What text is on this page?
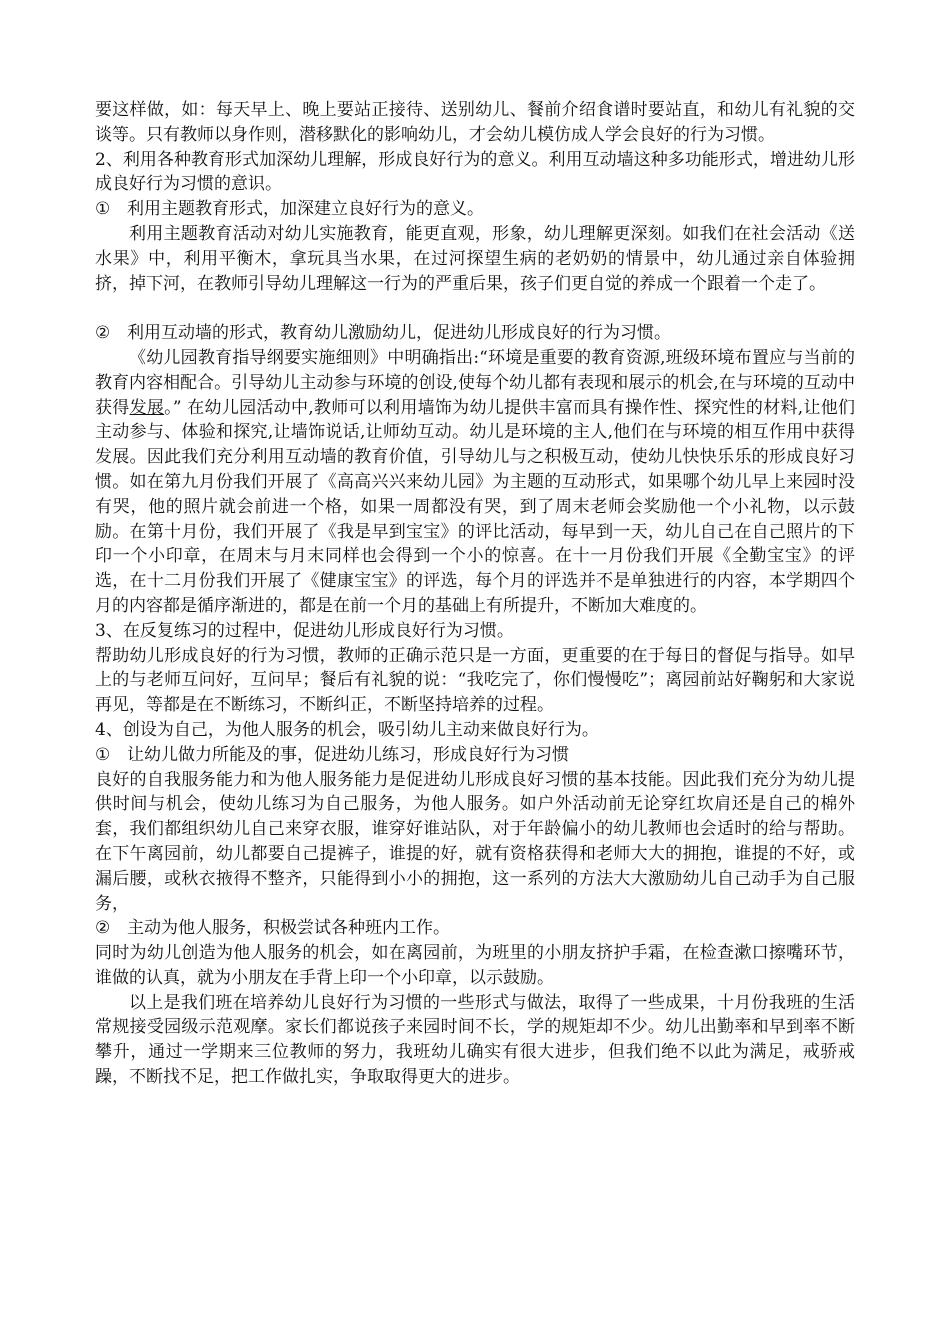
要这样做，如：每天早上、晚上要站正接待、送别幼儿、餐前介绍食谱时要站直，和幼儿有礼貌的交谈等。只有教师以身作则，潜移默化的影响幼儿，才会幼儿模仿成人学会良好的行为习惯。

2、利用各种教育形式加深幼儿理解，形成良好行为的意义。利用互动墙这种多功能形式，增进幼儿形成良好行为习惯的意识。

① 利用主题教育形式，加深建立良好行为的意义。

利用主题教育活动对幼儿实施教育，能更直观，形象，幼儿理解更深刻。如我们在社会活动《送水果》中，利用平衡木，拿玩具当水果，在过河探望生病的老奶奶的情景中，幼儿通过亲自体验拥挤，掉下河，在教师引导幼儿理解这一行为的严重后果，孩子们更自觉的养成一个跟着一个走了。

② 利用互动墙的形式，教育幼儿激励幼儿，促进幼儿形成良好的行为习惯。

《幼儿园教育指导纲要实施细则》中明确指出:“环境是重要的教育资源,班级环境布置应与当前的教育内容相配合。引导幼儿主动参与环境的创设,使每个幼儿都有表现和展示的机会,在与环境的互动中获得发展。” 在幼儿园活动中,教师可以利用墙饰为幼儿提供丰富而具有操作性、探究性的材料,让他们主动参与、体验和探究,让墙饰说话,让师幼互动。幼儿是环境的主人,他们在与环境的相互作用中获得发展。因此我们充分利用互动墙的教育价值，引导幼儿与之积极互动，使幼儿快快乐乐的形成良好习惯。如在第九月份我们开展了《高高兴兴来幼儿园》为主题的互动形式，如果哪个幼儿早上来园时没有哭，他的照片就会前进一个格，如果一周都没有哭，到了周末老师会奖励他一个小礼物，以示鼓励。在第十月份，我们开展了《我是早到宝宝》的评比活动，每早到一天，幼儿自己在自己照片的下印一个小印章，在周末与月末同样也会得到一个小的惊喜。在十一月份我们开展《全勤宝宝》的评选，在十二月份我们开展了《健康宝宝》的评选，每个月的评选并不是单独进行的内容，本学期四个月的内容都是循序渐进的，都是在前一个月的基础上有所提升，不断加大难度的。

3、在反复练习的过程中，促进幼儿形成良好行为习惯。

帮助幼儿形成良好的行为习惯，教师的正确示范只是一方面，更重要的在于每日的督促与指导。如早上的与老师互问好，互问早；餐后有礼貌的说：“我吃完了，你们慢慢吃”；离园前站好鞠躬和大家说再见，等都是在不断练习，不断纠正，不断坚持培养的过程。

4、创设为自己，为他人服务的机会，吸引幼儿主动来做良好行为。

① 让幼儿做力所能及的事，促进幼儿练习，形成良好行为习惯

良好的自我服务能力和为他人服务能力是促进幼儿形成良好习惯的基本技能。因此我们充分为幼儿提供时间与机会，使幼儿练习为自己服务，为他人服务。如户外活动前无论穿红坎肩还是自己的棉外套，我们都组织幼儿自己来穿衣服，谁穿好谁站队，对于年龄偏小的幼儿教师也会适时的给与帮助。在下午离园前，幼儿都要自己提裤子，谁提的好，就有资格获得和老师大大的拥抱，谁提的不好，或漏后腰，或秋衣掖得不整齐，只能得到小小的拥抱，这一系列的方法大大激励幼儿自己动手为自己服务，

② 主动为他人服务，积极尝试各种班内工作。

同时为幼儿创造为他人服务的机会，如在离园前，为班里的小朋友挤护手霜，在检查漱口擦嘴环节，谁做的认真，就为小朋友在手背上印一个小印章，以示鼓励。

以上是我们班在培养幼儿良好行为习惯的一些形式与做法，取得了一些成果，十月份我班的生活常规接受园级示范观摩。家长们都说孩子来园时间不长，学的规矩却不少。幼儿出勤率和早到率不断攀升，通过一学期来三位教师的努力，我班幼儿确实有很大进步，但我们绝不以此为满足，戒骄戒躁，不断找不足，把工作做扎实，争取取得更大的进步。
